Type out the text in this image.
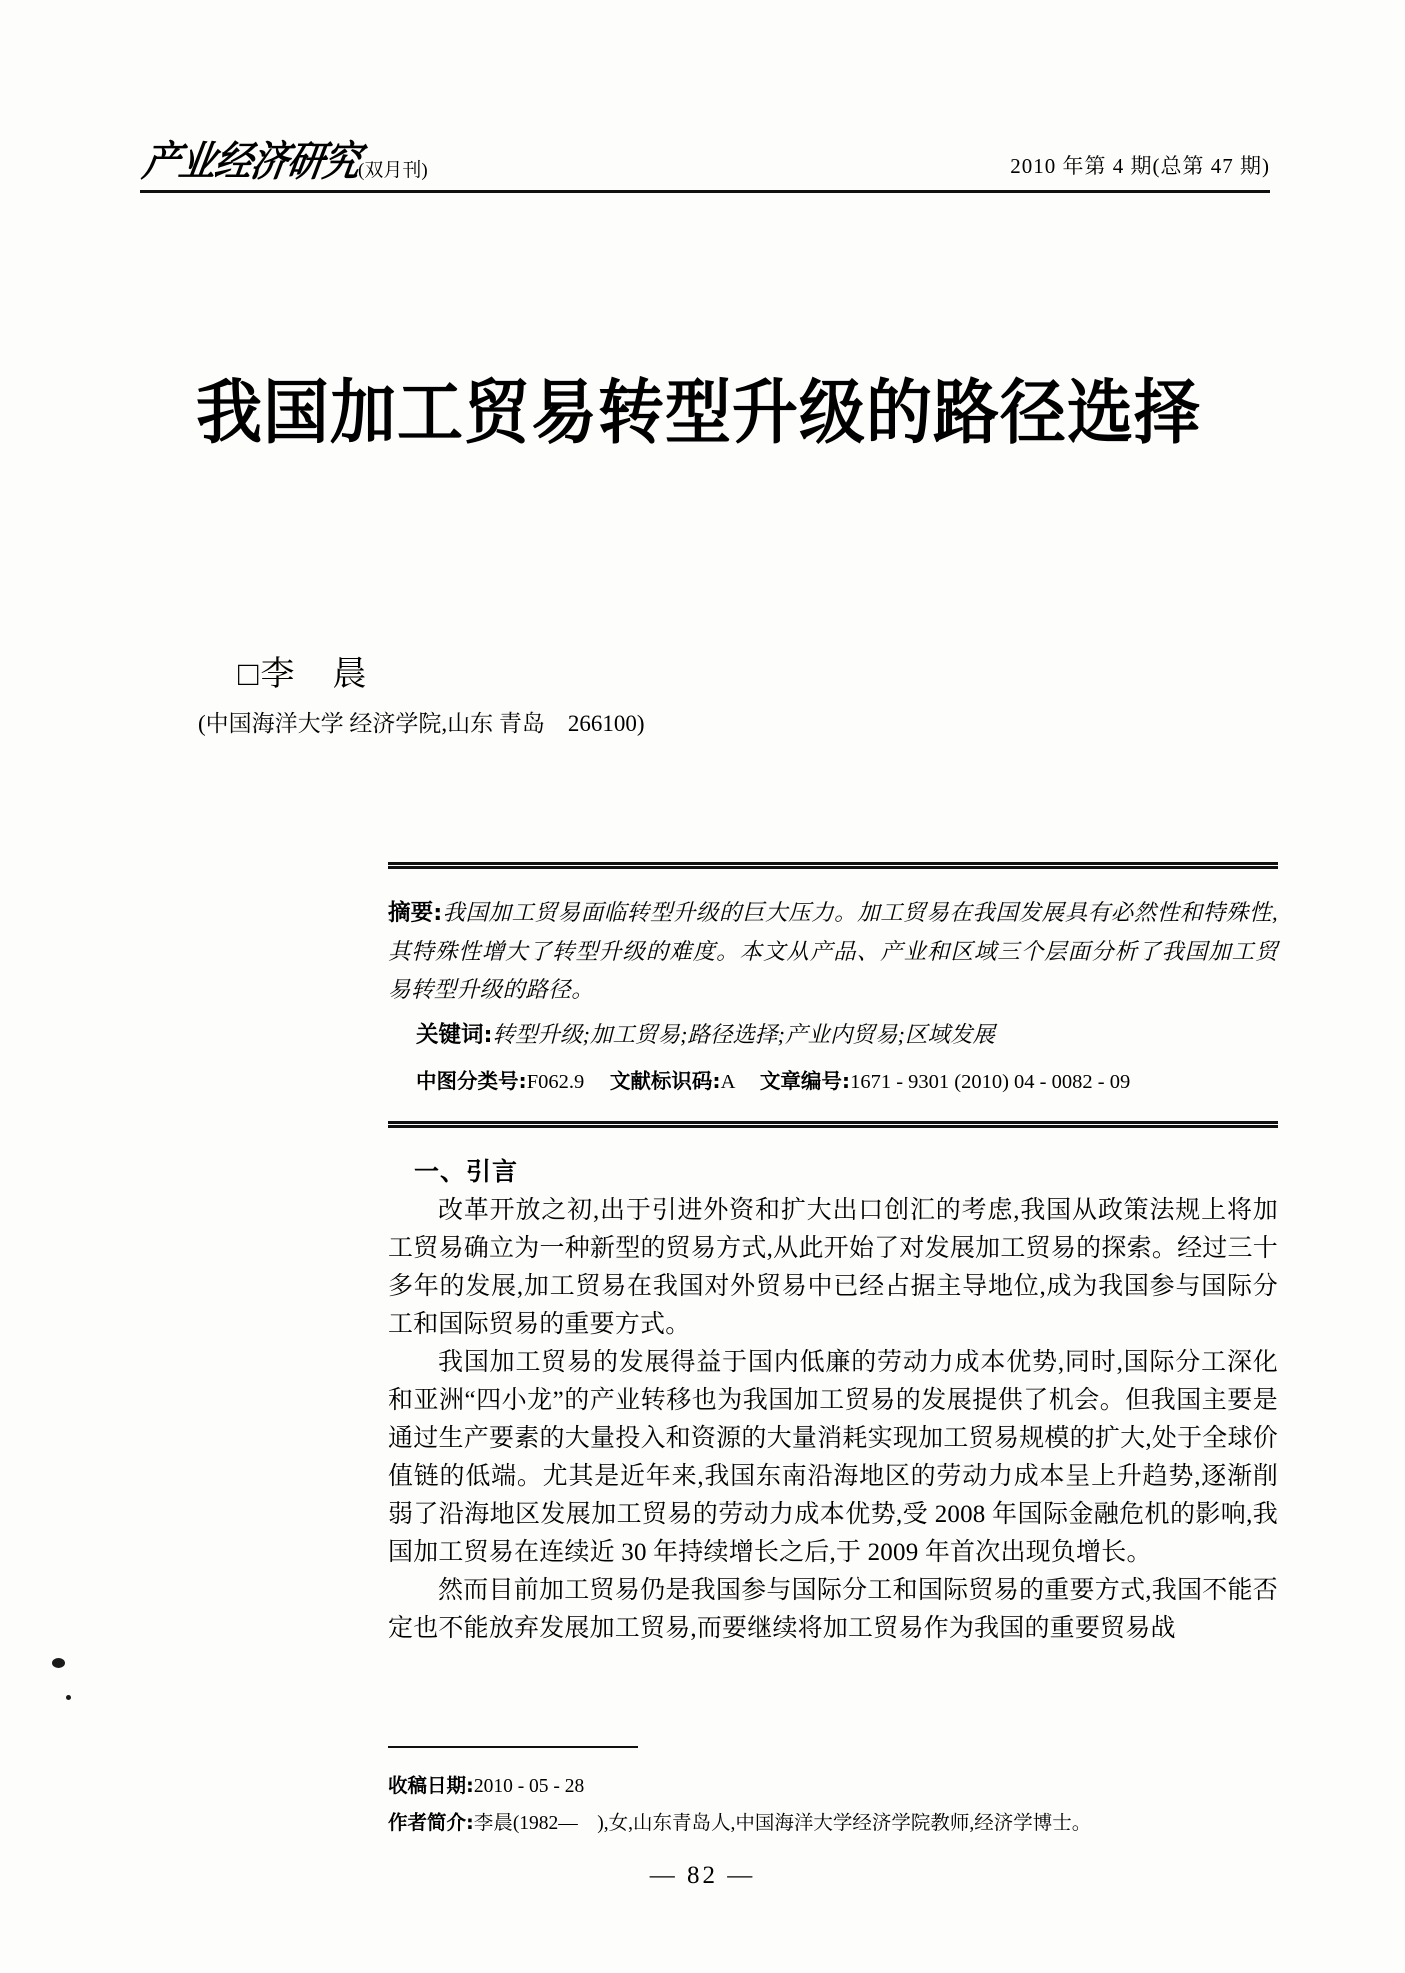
产业经济研究
(双月刊)	2010 年第 4 期(总第 47 期)
我国加工贸易转型升级的路径选择

□李　晨

(中国海洋大学 经济学院,山东 青岛　266100)

摘要:我国加工贸易面临转型升级的巨大压力。加工贸易在我国发展具有必然性和特殊性,其特殊性增大了转型升级的难度。本文从产品、产业和区域三个层面分析了我国加工贸易转型升级的路径。

关键词:转型升级;加工贸易;路径选择;产业内贸易;区域发展

中图分类号:F062.9 文献标识码:A 文章编号:1671 - 9301 (2010) 04 - 0082 - 09

一、引言

改革开放之初,出于引进外资和扩大出口创汇的考虑,我国从政策法规上将加工贸易确立为一种新型的贸易方式,从此开始了对发展加工贸易的探索。经过三十多年的发展,加工贸易在我国对外贸易中已经占据主导地位,成为我国参与国际分工和国际贸易的重要方式。

我国加工贸易的发展得益于国内低廉的劳动力成本优势,同时,国际分工深化和亚洲“四小龙”的产业转移也为我国加工贸易的发展提供了机会。但我国主要是通过生产要素的大量投入和资源的大量消耗实现加工贸易规模的扩大,处于全球价值链的低端。尤其是近年来,我国东南沿海地区的劳动力成本呈上升趋势,逐渐削弱了沿海地区发展加工贸易的劳动力成本优势,受 2008 年国际金融危机的影响,我国加工贸易在连续近 30 年持续增长之后,于 2009 年首次出现负增长。

然而目前加工贸易仍是我国参与国际分工和国际贸易的重要方式,我国不能否定也不能放弃发展加工贸易,而要继续将加工贸易作为我国的重要贸易战

收稿日期:2010 - 05 - 28
作者简介:李晨(1982—　),女,山东青岛人,中国海洋大学经济学院教师,经济学博士。
— 82 —
